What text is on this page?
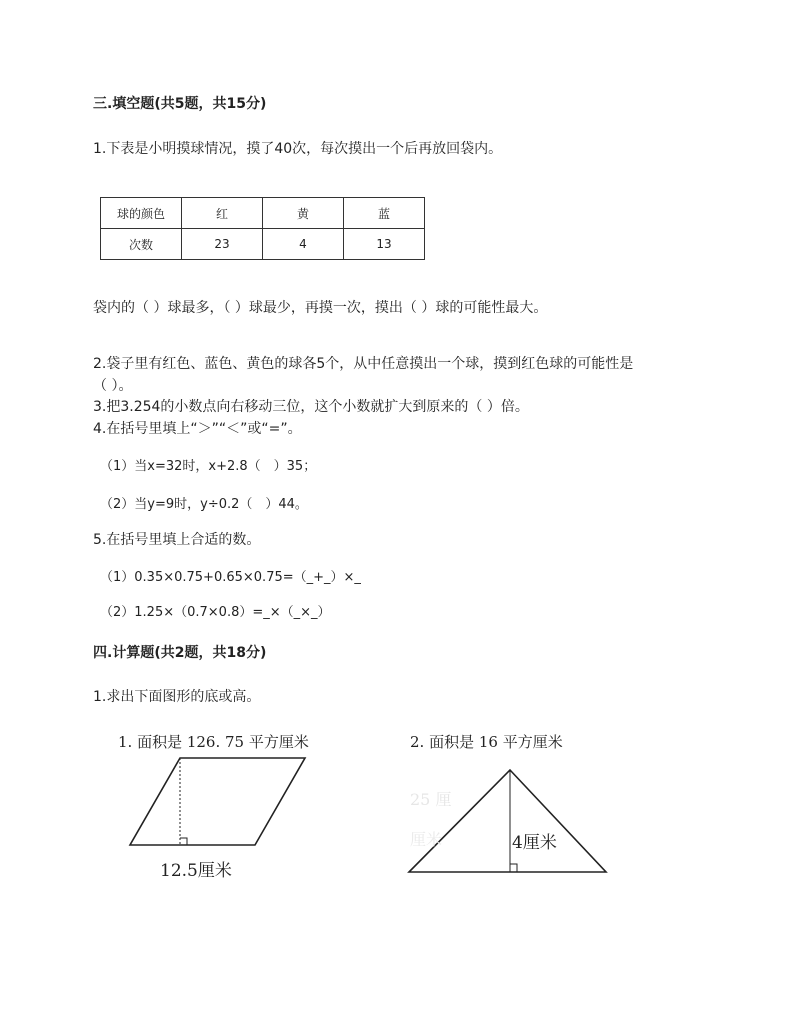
三.填空题(共5题，共15分)
1.下表是小明摸球情况，摸了40次，每次摸出一个后再放回袋内。
球的颜色	红	黄	蓝
次数	23	4	13
袋内的（ ）球最多，（ ）球最少，再摸一次，摸出（ ）球的可能性最大。
2.袋子里有红色、蓝色、黄色的球各5个，从中任意摸出一个球，摸到红色球的可能性是
（ ）。
3.把3.254的小数点向右移动三位，这个小数就扩大到原来的（ ）倍。
4.在括号里填上“＞”“＜”或“=”。
（1）当x=32时，x+2.8（　）35；
（2）当y=9时，y÷0.2（　）44。
5.在括号里填上合适的数。
（1）0.35×0.75+0.65×0.75=（_+_）×_
（2）1.25×（0.7×0.8）=_×（_×_）
四.计算题(共2题，共18分)
1.求出下面图形的底或高。
1. 面积是 126. 75 平方厘米
12.5厘米
2. 面积是 16 平方厘米
25 厘
厘米	4厘米
